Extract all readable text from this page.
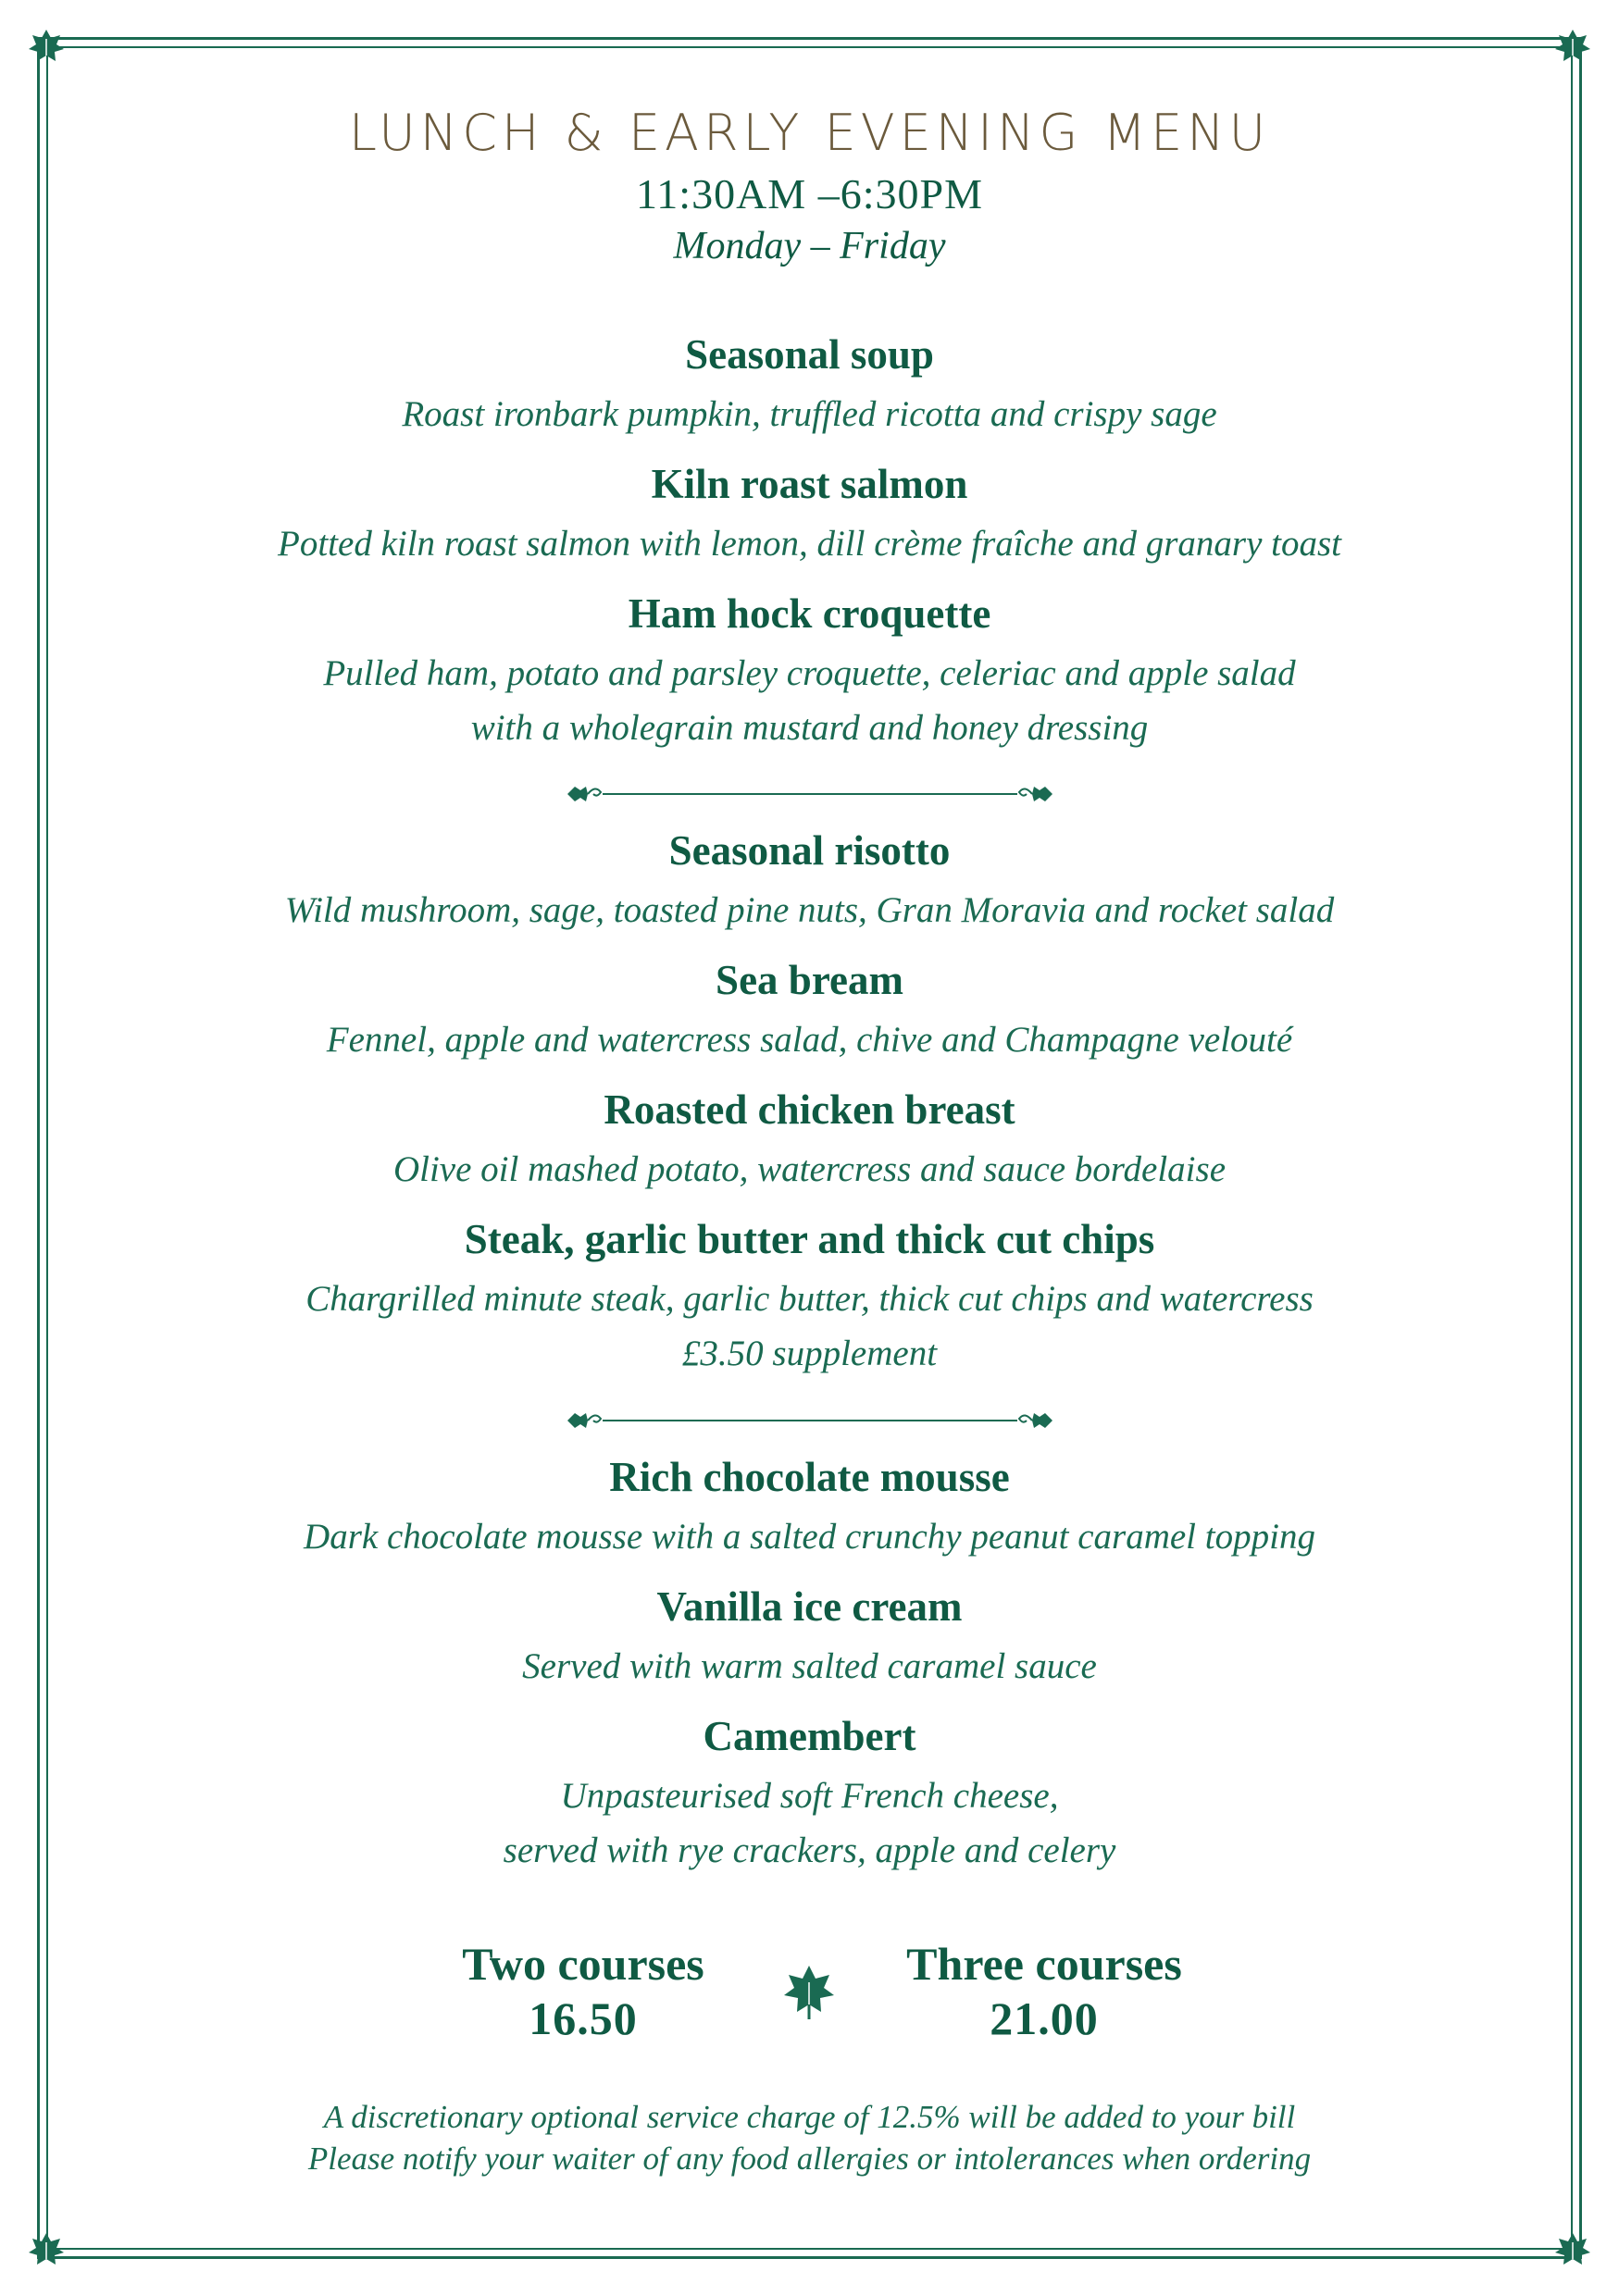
LUNCH & EARLY EVENING MENU
11:30AM –6:30PM
Monday – Friday
Seasonal soup
Roast ironbark pumpkin, truffled ricotta and crispy sage
Kiln roast salmon
Potted kiln roast salmon with lemon, dill crème fraîche and granary toast
Ham hock croquette
Pulled ham, potato and parsley croquette, celeriac and apple salad
with a wholegrain mustard and honey dressing
Seasonal risotto
Wild mushroom, sage, toasted pine nuts, Gran Moravia and rocket salad
Sea bream
Fennel, apple and watercress salad, chive and Champagne velouté
Roasted chicken breast
Olive oil mashed potato, watercress and sauce bordelaise
Steak, garlic butter and thick cut chips
Chargrilled minute steak, garlic butter, thick cut chips and watercress
£3.50 supplement
Rich chocolate mousse
Dark chocolate mousse with a salted crunchy peanut caramel topping
Vanilla ice cream
Served with warm salted caramel sauce
Camembert
Unpasteurised soft French cheese,
served with rye crackers, apple and celery
Two courses
16.50
Three courses
21.00
A discretionary optional service charge of 12.5% will be added to your bill
Please notify your waiter of any food allergies or intolerances when ordering
